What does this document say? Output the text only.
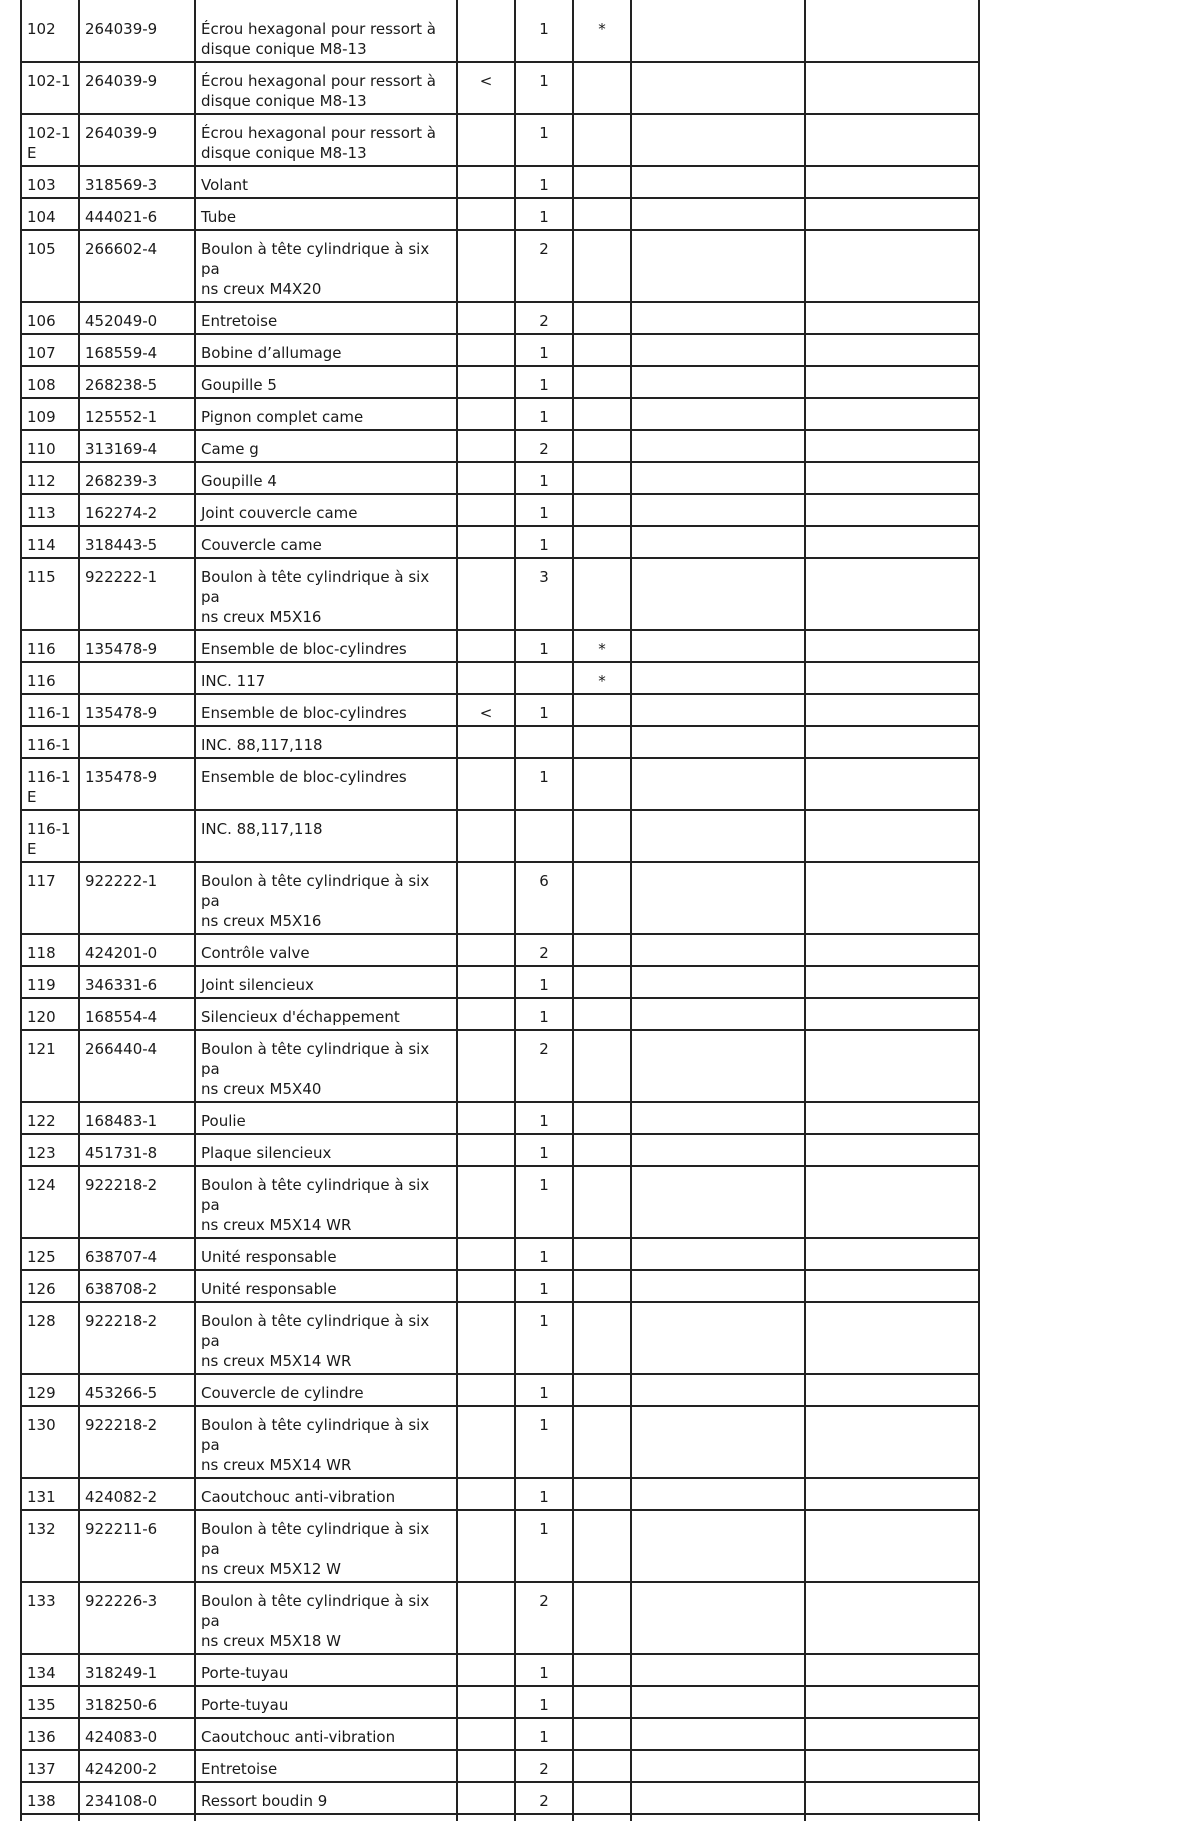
102	264039-9	Écrou hexagonal pour ressort à
disque conique M8-13		1	*		
102-1	264039-9	Écrou hexagonal pour ressort à
disque conique M8-13	<	1			
102-1
E	264039-9	Écrou hexagonal pour ressort à
disque conique M8-13		1			
103	318569-3	Volant		1			
104	444021-6	Tube		1			
105	266602-4	Boulon à tête cylindrique à six pa
ns creux M4X20		2			
106	452049-0	Entretoise		2			
107	168559-4	Bobine d’allumage		1			
108	268238-5	Goupille 5		1			
109	125552-1	Pignon complet came		1			
110	313169-4	Came g		2			
112	268239-3	Goupille 4		1			
113	162274-2	Joint couvercle came		1			
114	318443-5	Couvercle came		1			
115	922222-1	Boulon à tête cylindrique à six pa
ns creux M5X16		3			
116	135478-9	Ensemble de bloc-cylindres		1	*		
116		INC. 117			*		
116-1	135478-9	Ensemble de bloc-cylindres	<	1			
116-1		INC. 88,117,118					
116-1
E	135478-9	Ensemble de bloc-cylindres		1			
116-1
E		INC. 88,117,118					
117	922222-1	Boulon à tête cylindrique à six pa
ns creux M5X16		6			
118	424201-0	Contrôle valve		2			
119	346331-6	Joint silencieux		1			
120	168554-4	Silencieux d'échappement		1			
121	266440-4	Boulon à tête cylindrique à six pa
ns creux M5X40		2			
122	168483-1	Poulie		1			
123	451731-8	Plaque silencieux		1			
124	922218-2	Boulon à tête cylindrique à six pa
ns creux M5X14 WR		1			
125	638707-4	Unité responsable		1			
126	638708-2	Unité responsable		1			
128	922218-2	Boulon à tête cylindrique à six pa
ns creux M5X14 WR		1			
129	453266-5	Couvercle de cylindre		1			
130	922218-2	Boulon à tête cylindrique à six pa
ns creux M5X14 WR		1			
131	424082-2	Caoutchouc anti-vibration		1			
132	922211-6	Boulon à tête cylindrique à six pa
ns creux M5X12 W		1			
133	922226-3	Boulon à tête cylindrique à six pa
ns creux M5X18 W		2			
134	318249-1	Porte-tuyau		1			
135	318250-6	Porte-tuyau		1			
136	424083-0	Caoutchouc anti-vibration		1			
137	424200-2	Entretoise		2			
138	234108-0	Ressort boudin 9		2			
